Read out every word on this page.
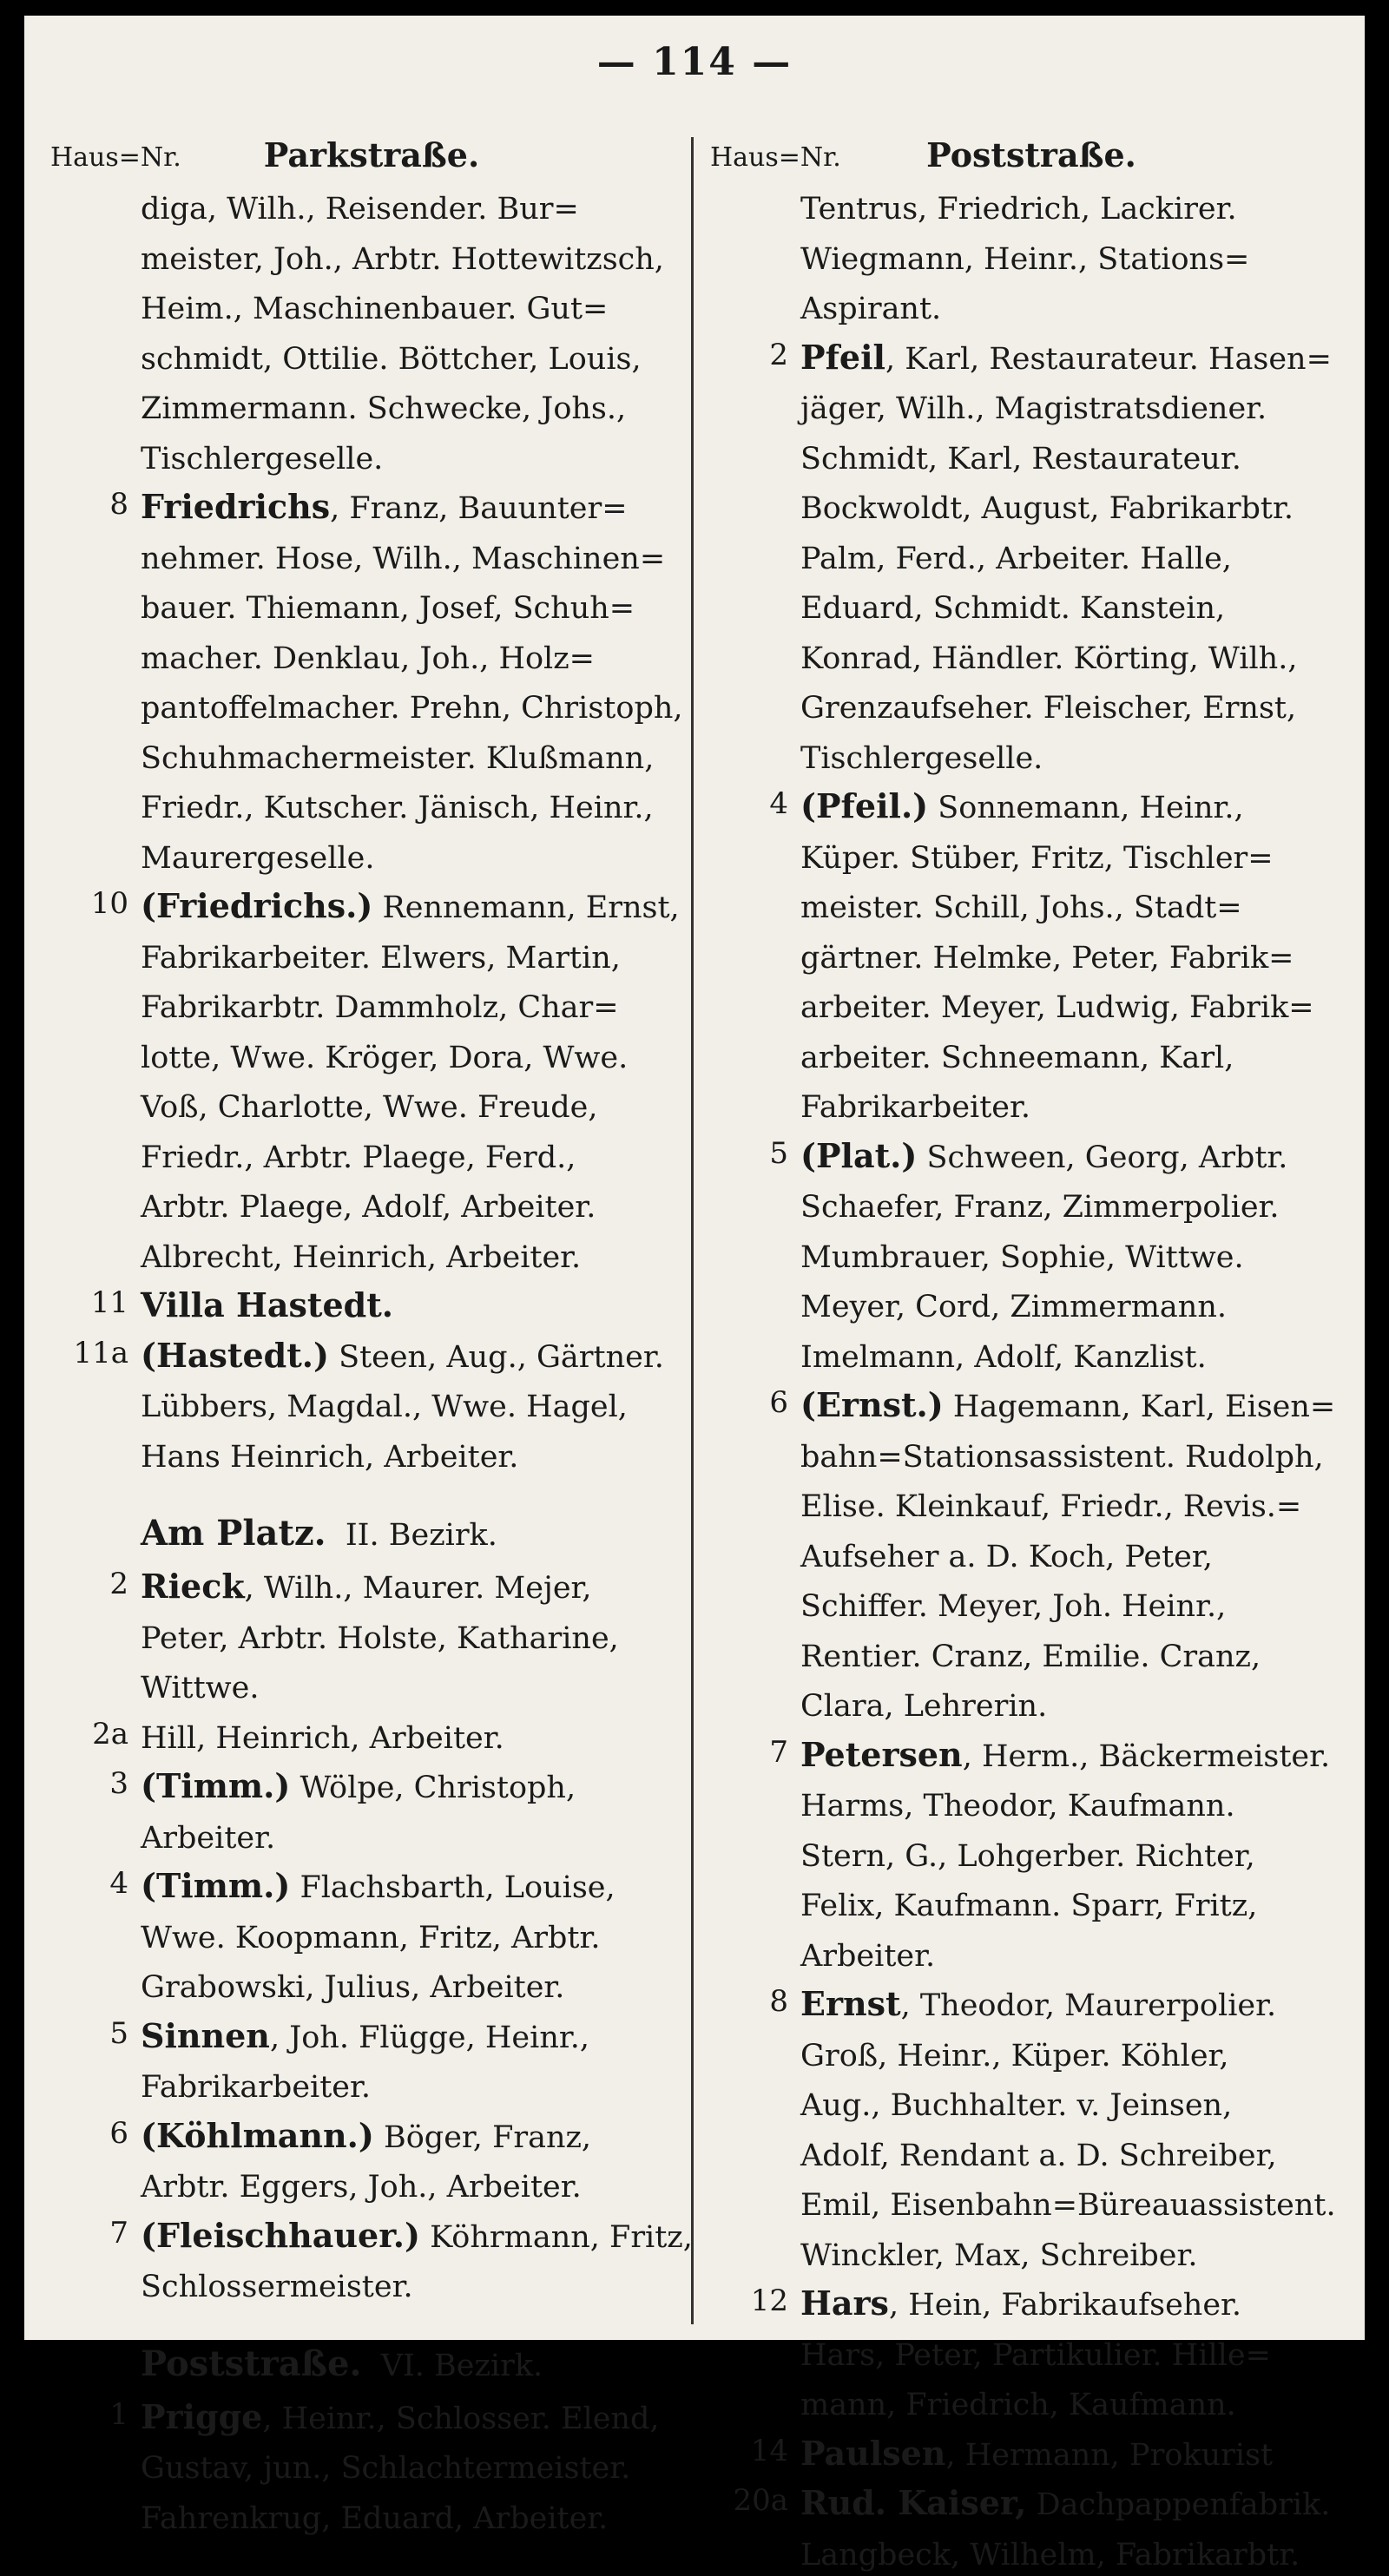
— 114 —
Haus=Nr.	Parkstraße.
diga, Wilh., Reisender. Bur=
meister, Joh., Arbtr. Hottewitzsch,
Heim., Maschinenbauer. Gut=
schmidt, Ottilie. Böttcher, Louis,
Zimmermann. Schwecke, Johs.,
Tischlergeselle.
8 Friedrichs, Franz, Bauunter=
nehmer. Hose, Wilh., Maschinen=
bauer. Thiemann, Josef, Schuh=
macher. Denklau, Joh., Holz=
pantoffelmacher. Prehn, Christoph,
Schuhmachermeister. Klußmann,
Friedr., Kutscher. Jänisch, Heinr.,
Maurergeselle.
10 (Friedrichs.) Rennemann, Ernst,
Fabrikarbeiter. Elwers, Martin,
Fabrikarbtr. Dammholz, Char=
lotte, Wwe. Kröger, Dora, Wwe.
Voß, Charlotte, Wwe. Freude,
Friedr., Arbtr. Plaege, Ferd.,
Arbtr. Plaege, Adolf, Arbeiter.
Albrecht, Heinrich, Arbeiter.
11 Villa Hastedt.
11a (Hastedt.) Steen, Aug., Gärtner.
Lübbers, Magdal., Wwe. Hagel,
Hans Heinrich, Arbeiter.
Am Platz. II. Bezirk.
2 Rieck, Wilh., Maurer. Mejer,
Peter, Arbtr. Holste, Katharine,
Wittwe.
2a Hill, Heinrich, Arbeiter.
3 (Timm.) Wölpe, Christoph,
Arbeiter.
4 (Timm.) Flachsbarth, Louise,
Wwe. Koopmann, Fritz, Arbtr.
Grabowski, Julius, Arbeiter.
5 Sinnen, Joh. Flügge, Heinr.,
Fabrikarbeiter.
6 (Köhlmann.) Böger, Franz,
Arbtr. Eggers, Joh., Arbeiter.
7 (Fleischhauer.) Köhrmann, Fritz,
Schlossermeister.
Poststraße. VI. Bezirk.
1 Prigge, Heinr., Schlosser. Elend,
Gustav, jun., Schlachtermeister.
Fahrenkrug, Eduard, Arbeiter.
Haus=Nr.	Poststraße.
Tentrus, Friedrich, Lackirer.
Wiegmann, Heinr., Stations=
Aspirant.
2 Pfeil, Karl, Restaurateur. Hasen=
jäger, Wilh., Magistratsdiener.
Schmidt, Karl, Restaurateur.
Bockwoldt, August, Fabrikarbtr.
Palm, Ferd., Arbeiter. Halle,
Eduard, Schmidt. Kanstein,
Konrad, Händler. Körting, Wilh.,
Grenzaufseher. Fleischer, Ernst,
Tischlergeselle.
4 (Pfeil.) Sonnemann, Heinr.,
Küper. Stüber, Fritz, Tischler=
meister. Schill, Johs., Stadt=
gärtner. Helmke, Peter, Fabrik=
arbeiter. Meyer, Ludwig, Fabrik=
arbeiter. Schneemann, Karl,
Fabrikarbeiter.
5 (Plat.) Schween, Georg, Arbtr.
Schaefer, Franz, Zimmerpolier.
Mumbrauer, Sophie, Wittwe.
Meyer, Cord, Zimmermann.
Imelmann, Adolf, Kanzlist.
6 (Ernst.) Hagemann, Karl, Eisen=
bahn=Stationsassistent. Rudolph,
Elise. Kleinkauf, Friedr., Revis.=
Aufseher a. D. Koch, Peter,
Schiffer. Meyer, Joh. Heinr.,
Rentier. Cranz, Emilie. Cranz,
Clara, Lehrerin.
7 Petersen, Herm., Bäckermeister.
Harms, Theodor, Kaufmann.
Stern, G., Lohgerber. Richter,
Felix, Kaufmann. Sparr, Fritz,
Arbeiter.
8 Ernst, Theodor, Maurerpolier.
Groß, Heinr., Küper. Köhler,
Aug., Buchhalter. v. Jeinsen,
Adolf, Rendant a. D. Schreiber,
Emil, Eisenbahn=Büreauassistent.
Winckler, Max, Schreiber.
12 Hars, Hein, Fabrikaufseher.
Hars, Peter, Partikulier. Hille=
mann, Friedrich, Kaufmann.
14 Paulsen, Hermann, Prokurist
20a Rud. Kaiser, Dachpappenfabrik.
Langbeck, Wilhelm, Fabrikarbtr.
